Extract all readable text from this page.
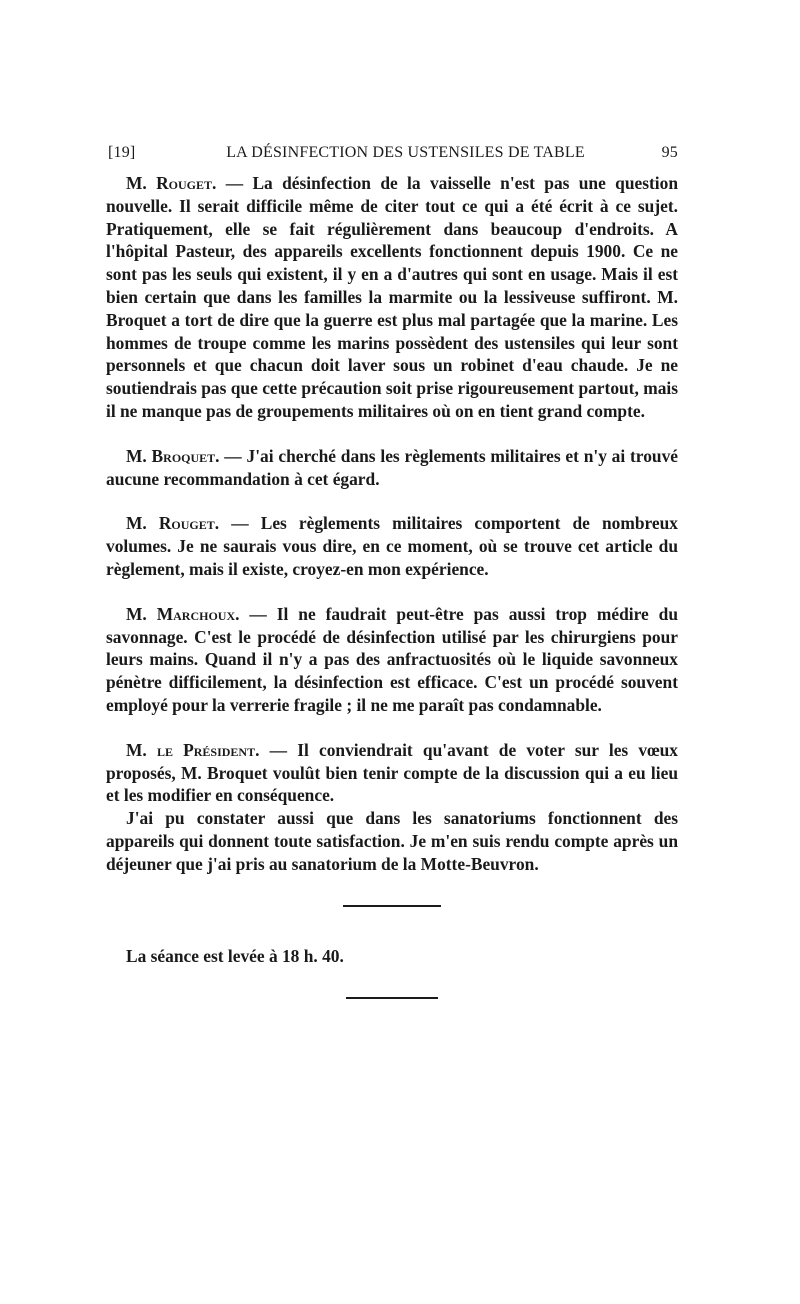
[19]	LA DÉSINFECTION DES USTENSILES DE TABLE	95

M. Rouget. — La désinfection de la vaisselle n'est pas une question nouvelle. Il serait difficile même de citer tout ce qui a été écrit à ce sujet. Pratiquement, elle se fait régulièrement dans beaucoup d'endroits. A l'hôpital Pasteur, des appareils excellents fonctionnent depuis 1900. Ce ne sont pas les seuls qui existent, il y en a d'autres qui sont en usage. Mais il est bien certain que dans les familles la marmite ou la lessiveuse suffiront. M. Broquet a tort de dire que la guerre est plus mal partagée que la marine. Les hommes de troupe comme les marins possèdent des ustensiles qui leur sont personnels et que chacun doit laver sous un robinet d'eau chaude. Je ne soutiendrais pas que cette précaution soit prise rigoureusement partout, mais il ne manque pas de groupements militaires où on en tient grand compte.

M. Broquet. — J'ai cherché dans les règlements militaires et n'y ai trouvé aucune recommandation à cet égard.

M. Rouget. — Les règlements militaires comportent de nombreux volumes. Je ne saurais vous dire, en ce moment, où se trouve cet article du règlement, mais il existe, croyez-en mon expérience.

M. Marchoux. — Il ne faudrait peut-être pas aussi trop médire du savonnage. C'est le procédé de désinfection utilisé par les chirurgiens pour leurs mains. Quand il n'y a pas des anfractuosités où le liquide savonneux pénètre difficilement, la désinfection est efficace. C'est un procédé souvent employé pour la verrerie fragile ; il ne me paraît pas condamnable.

M. le Président. — Il conviendrait qu'avant de voter sur les vœux proposés, M. Broquet voulût bien tenir compte de la discussion qui a eu lieu et les modifier en conséquence.

J'ai pu constater aussi que dans les sanatoriums fonctionnent des appareils qui donnent toute satisfaction. Je m'en suis rendu compte après un déjeuner que j'ai pris au sanatorium de la Motte-Beuvron.

La séance est levée à 18 h. 40.
